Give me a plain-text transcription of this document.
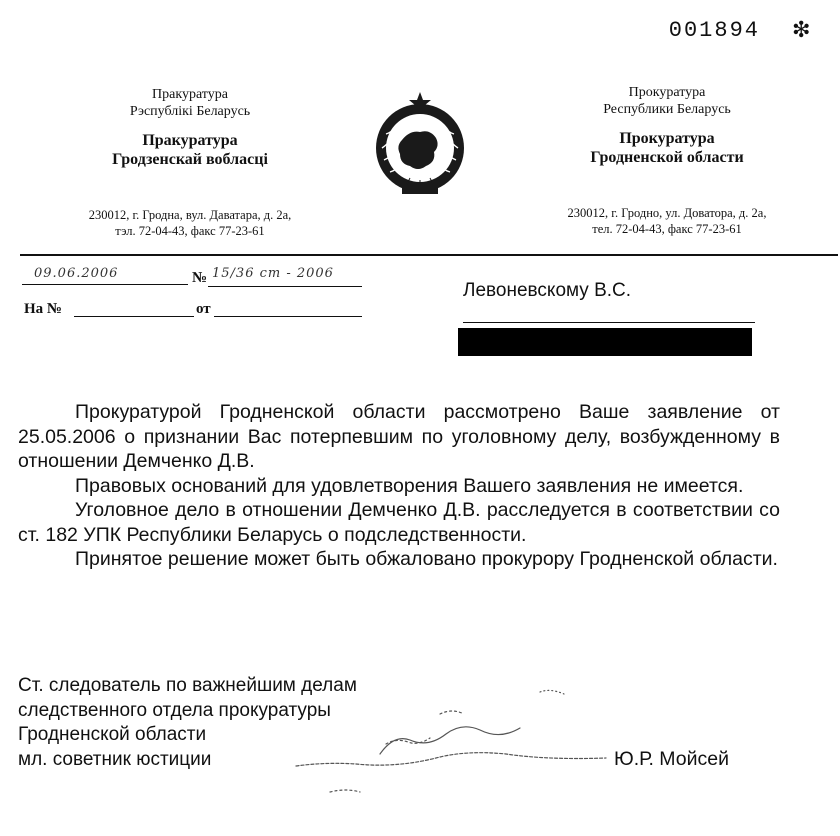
001894 ❇
Пракуратура
Рэспублікі Беларусь
Пракуратура
Гродзенскай вобласці
230012, г. Гродна, вул. Даватара, д. 2а,
тэл. 72-04-43, факс 77-23-61
Прокуратура
Республики Беларусь
Прокуратура
Гродненской области
230012, г. Гродно, ул. Доватора, д. 2а,
тел. 72-04-43, факс 77-23-61
09.06.2006	№ 15/36 ст - 2006
На №	от
Левоневскому В.С.

Прокуратурой Гродненской области рассмотрено Ваше заявление от 25.05.2006 о признании Вас потерпевшим по уголовному делу, возбужденному в отношении Демченко Д.В.

Правовых оснований для удовлетворения Вашего заявления не имеется.

Уголовное дело в отношении Демченко Д.В. расследуется в соответствии со ст. 182 УПК Республики Беларусь о подследственности.

Принятое решение может быть обжаловано прокурору Гродненской области.

Ст. следователь по важнейшим делам
следственного отдела прокуратуры
Гродненской области
мл. советник юстиции	Ю.Р. Мойсей
